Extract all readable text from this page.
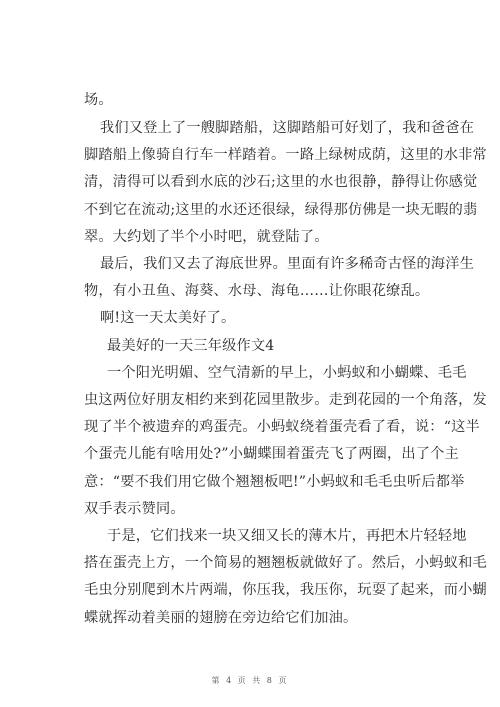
场。
我们又登上了一艘脚踏船，这脚踏船可好划了，我和爸爸在
脚踏船上像骑自行车一样踏着。一路上绿树成荫，这里的水非常
清，清得可以看到水底的沙石;这里的水也很静，静得让你感觉
不到它在流动;这里的水还还很绿，绿得那仿佛是一块无暇的翡
翠。大约划了半个小时吧，就登陆了。
最后，我们又去了海底世界。里面有许多稀奇古怪的海洋生
物，有小丑鱼、海葵、水母、海龟……让你眼花缭乱。
啊!这一天太美好了。
最美好的一天三年级作文4
一个阳光明媚、空气清新的早上，小蚂蚁和小蝴蝶、毛毛
虫这两位好朋友相约来到花园里散步。走到花园的一个角落，发
现了半个被遗弃的鸡蛋壳。小蚂蚁绕着蛋壳看了看，说：“这半
个蛋壳儿能有啥用处?”小蝴蝶围着蛋壳飞了两圈，出了个主
意：“要不我们用它做个翘翘板吧!”小蚂蚁和毛毛虫听后都举
双手表示赞同。
于是，它们找来一块又细又长的薄木片，再把木片轻轻地
搭在蛋壳上方，一个简易的翘翘板就做好了。然后，小蚂蚁和毛
毛虫分别爬到木片两端，你压我，我压你，玩耍了起来，而小蝴
蝶就挥动着美丽的翅膀在旁边给它们加油。
第 4 页 共 8 页
